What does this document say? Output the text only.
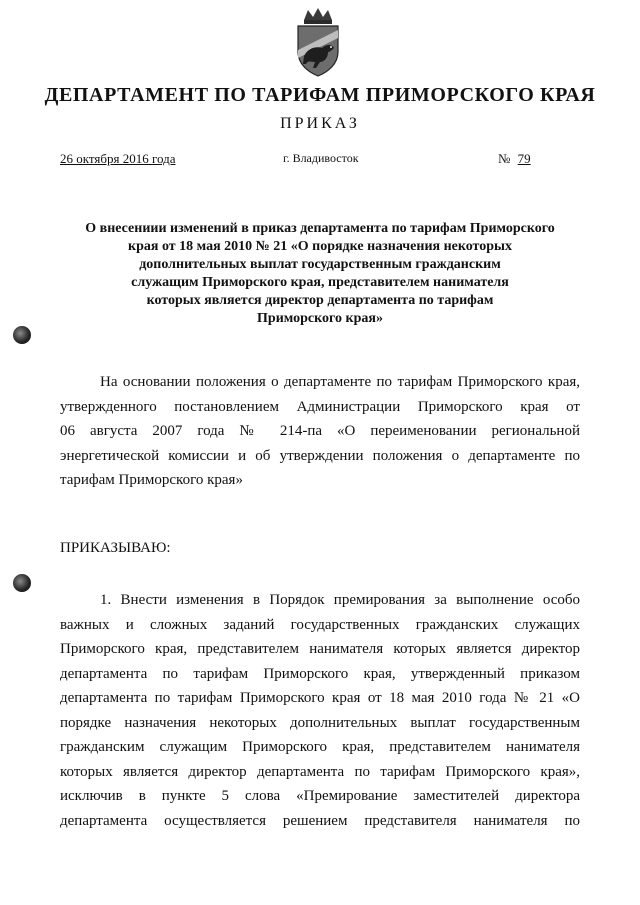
ДЕПАРТАМЕНТ ПО ТАРИФАМ ПРИМОРСКОГО КРАЯ
ПРИКАЗ
26 октября 2016 года	г. Владивосток	№ 79
О внесениии изменений в приказ департамента по тарифам Приморского
края от 18 мая 2010 № 21 «О порядке назначения некоторых
дополнительных выплат государственным гражданским
служащим Приморского края, представителем нанимателя
которых является директор департамента по тарифам
Приморского края»
На основании положения о департаменте по тарифам Приморского края,
утвержденного постановлением Администрации Приморского края от
06 августа 2007 года № 214-па «О переименовании региональной
энергетической комиссии и об утверждении положения о департаменте по
тарифам Приморского края»
ПРИКАЗЫВАЮ:
1. Внести изменения в Порядок премирования за выполнение особо
важных и сложных заданий государственных гражданских служащих
Приморского края, представителем нанимателя которых является директор
департамента по тарифам Приморского края, утвержденный приказом
департамента по тарифам Приморского края от 18 мая 2010 года № 21 «О
порядке назначения некоторых дополнительных выплат государственным
гражданским служащим Приморского края, представителем нанимателя
которых является директор департамента по тарифам Приморского края»,
исключив в пункте 5 слова «Премирование заместителей директора
департамента осуществляется решением представителя нанимателя по
